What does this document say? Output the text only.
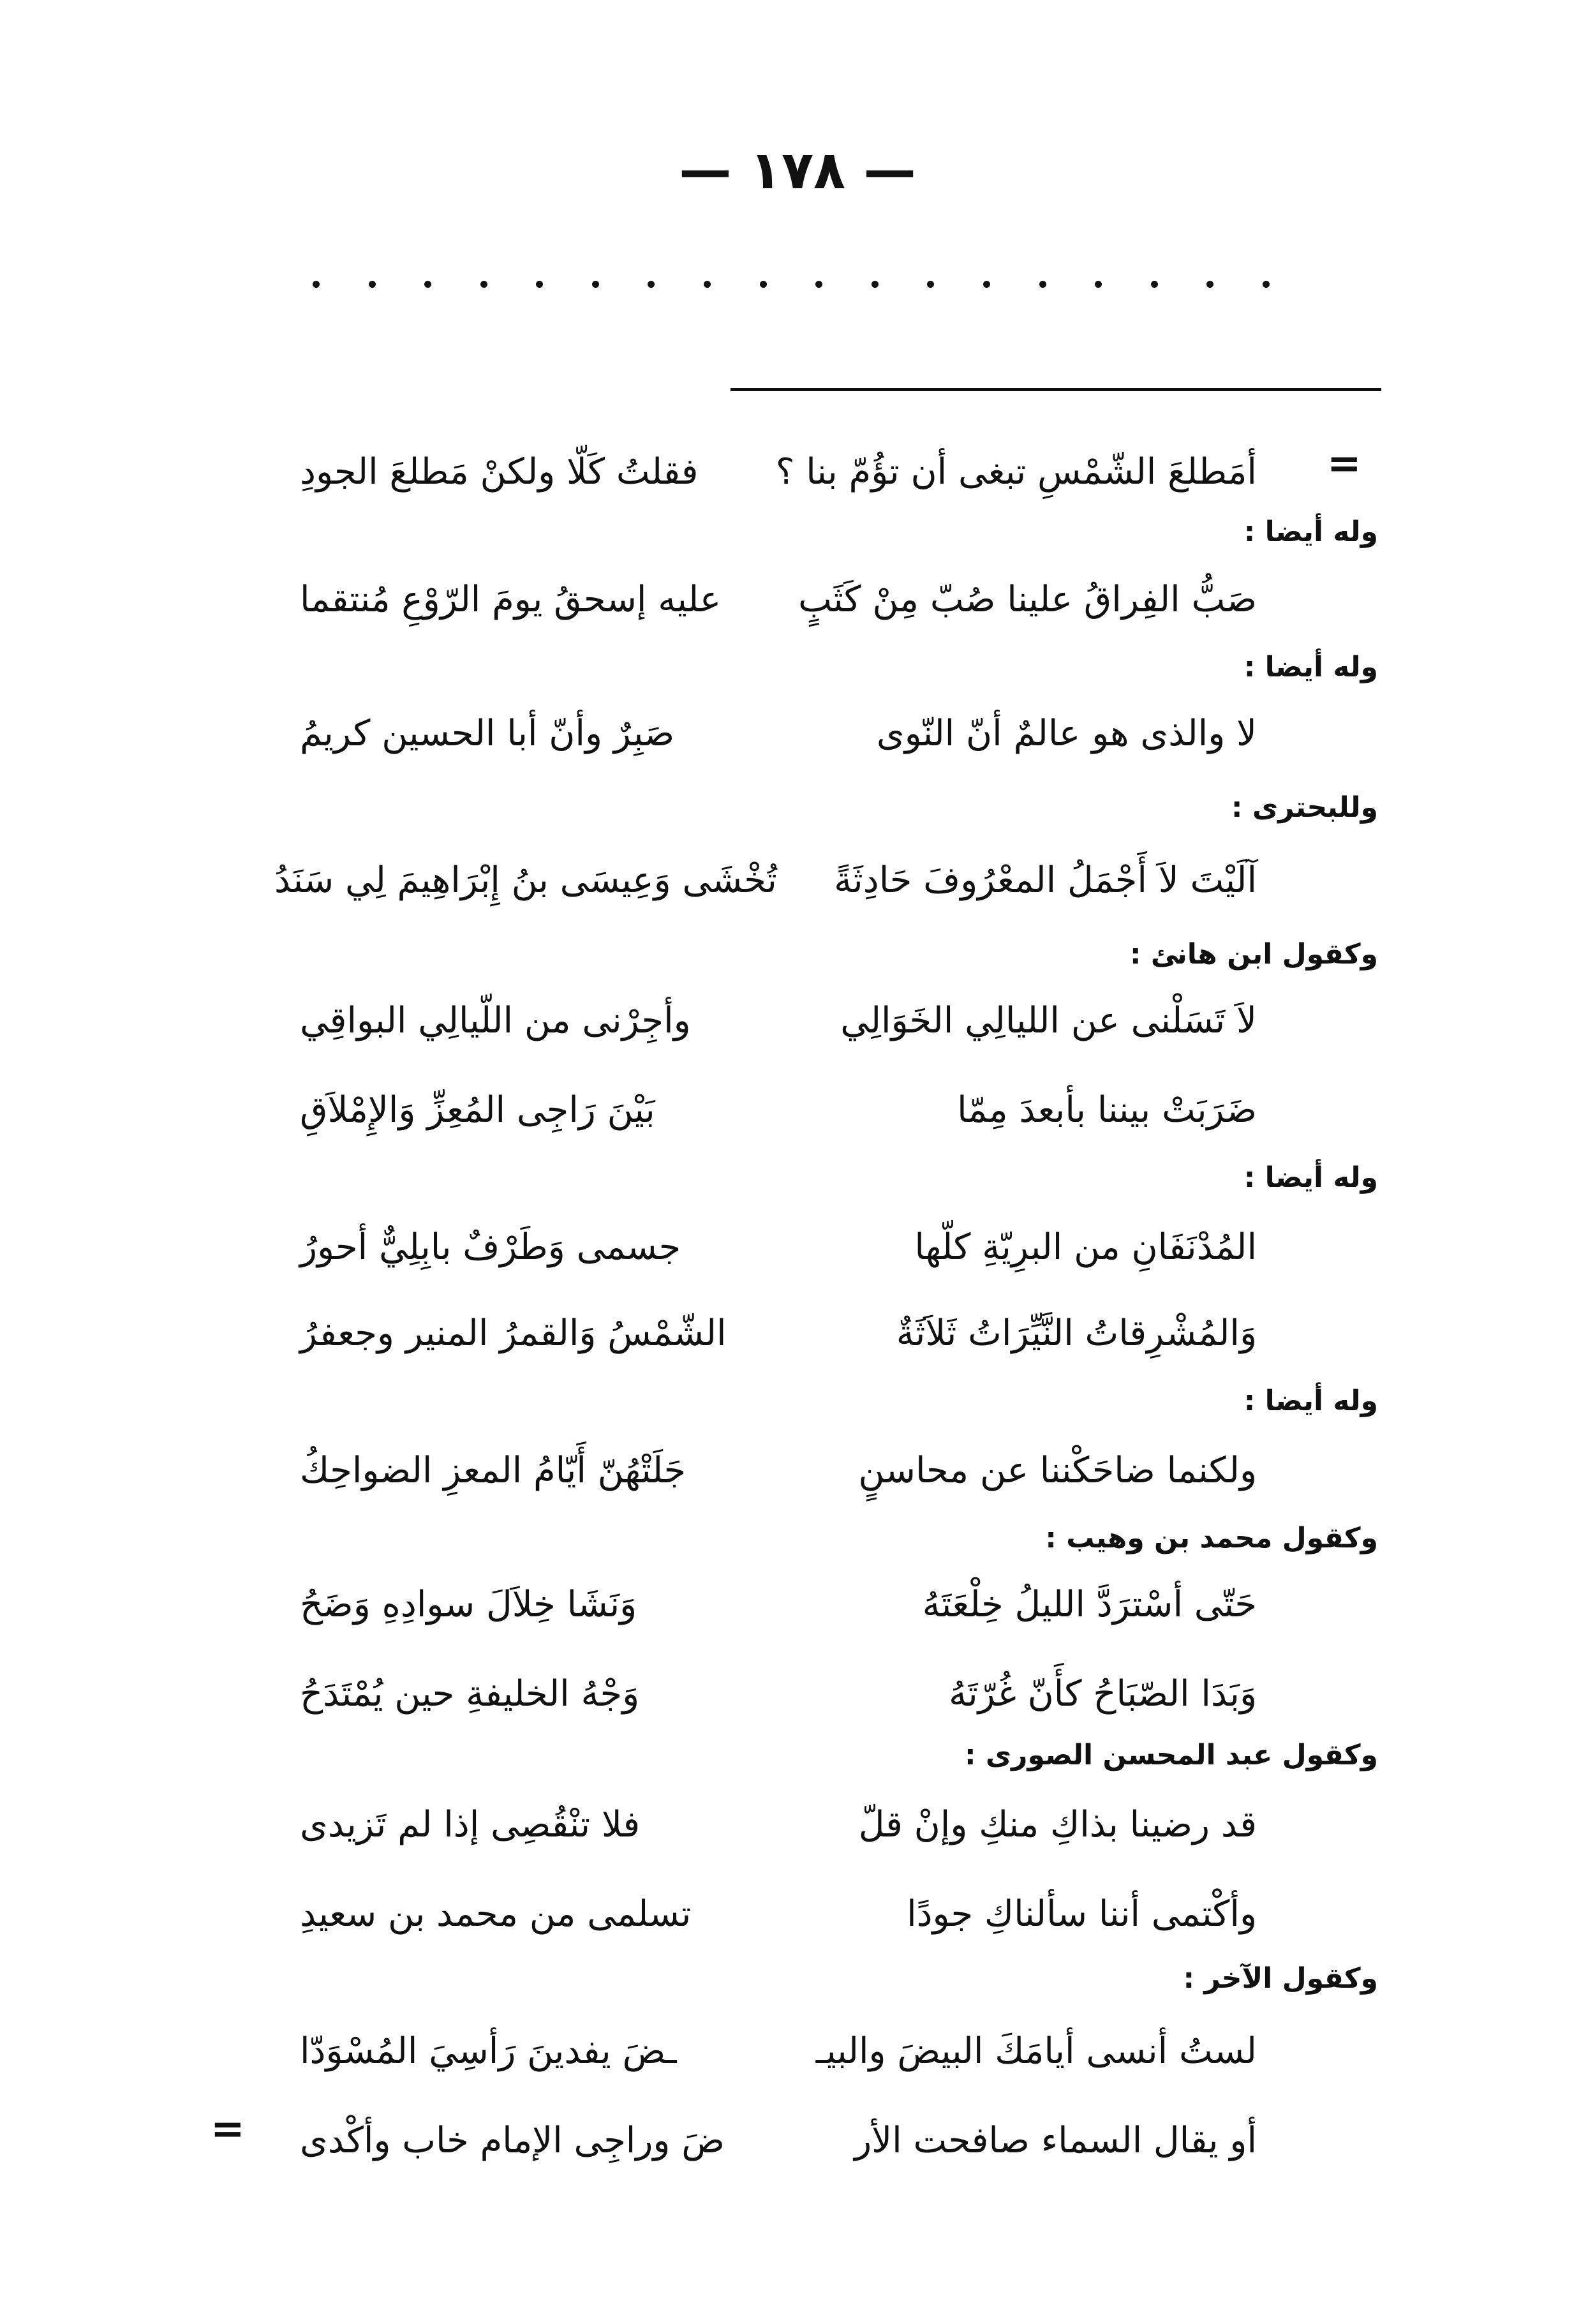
— ١٧٨ —
=
أمَطلعَ الشّمْسِ تبغى أن تؤُمّ بنا ؟
فقلتُ كَلّا ولكنْ مَطلعَ الجودِ
وله أيضا :
صَبُّ الفِراقُ علينا صُبّ مِنْ كَثَبٍ
عليه إسحقُ يومَ الرّوْعِ مُنتقما
وله أيضا :
لا والذى هو عالمٌ أنّ النّوى
صَبِرٌ وأنّ أبا الحسين كريمُ
وللبحترى :
آلَيْتَ لاَ أَجْمَلُ المعْرُوفَ حَادِثَةً
تُخْشَى وَعِيسَى بنُ إِبْرَاهِيمَ لِي سَنَدُ
وكقول ابن هانئ :
لاَ تَسَلْنى عن الليالِي الخَوَالِي
وأجِرْنى من اللّيالِي البواقِي
ضَرَبَتْ بيننا بأبعدَ مِمّا
بَيْنَ رَاجِى المُعِزِّ وَالإِمْلاَقِ
وله أيضا :
المُدْنَفَانِ من البرِيّةِ كلّها
جسمى وَطَرْفٌ بابِلِيٌّ أحورُ
وَالمُشْرِقاتُ النَّيِّرَاتُ ثَلاَثَةٌ
الشّمْسُ وَالقمرُ المنير وجعفرُ
وله أيضا :
ولكنما ضاحَكْننا عن محاسنٍ
جَلَتْهُنّ أَيّامُ المعزِ الضواحِكُ
وكقول محمد بن وهيب :
حَتّى أسْترَدَّ الليلُ خِلْعَتَهُ
وَنَشَا خِلاَلَ سوادِهِ وَضَحُ
وَبَدَا الصّبَاحُ كأَنّ غُرّتَهُ
وَجْهُ الخليفةِ حين يُمْتَدَحُ
وكقول عبد المحسن الصورى :
قد رضينا بذاكِ منكِ وإنْ قلّ
فلا تنْقُصِى إذا لم تَزيدى
وأكْتمى أننا سألناكِ جودًا
تسلمى من محمد بن سعيدِ
وكقول الآخر :
لستُ أنسى أيامَكَ البيضَ والبيـ
ـضَ يفدينَ رَأسِيَ المُسْوَدّا
أو يقال السماء صافحت الأر
ضَ وراجِى الإمام خاب وأكْدى
=
